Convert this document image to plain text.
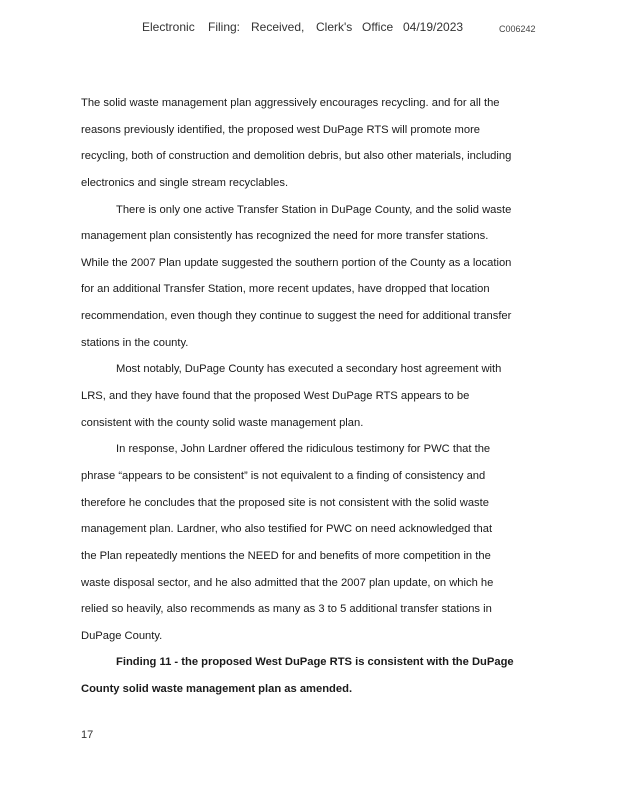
Electronic Filing: Received, Clerk's Office 04/19/2023	C006242
The solid waste management plan aggressively encourages recycling. and for all the
reasons previously identified, the proposed west DuPage RTS will promote more
recycling, both of construction and demolition debris, but also other materials, including
electronics and single stream recyclables.
There is only one active Transfer Station in DuPage County, and the solid waste
management plan consistently has recognized the need for more transfer stations.
While the 2007 Plan update suggested the southern portion of the County as a location
for an additional Transfer Station, more recent updates, have dropped that location
recommendation, even though they continue to suggest the need for additional transfer
stations in the county.
Most notably, DuPage County has executed a secondary host agreement with
LRS, and they have found that the proposed West DuPage RTS appears to be
consistent with the county solid waste management plan.
In response, John Lardner offered the ridiculous testimony for PWC that the
phrase “appears to be consistent” is not equivalent to a finding of consistency and
therefore he concludes that the proposed site is not consistent with the solid waste
management plan. Lardner, who also testified for PWC on need acknowledged that
the Plan repeatedly mentions the NEED for and benefits of more competition in the
waste disposal sector, and he also admitted that the 2007 plan update, on which he
relied so heavily, also recommends as many as 3 to 5 additional transfer stations in
DuPage County.
Finding 11 - the proposed West DuPage RTS is consistent with the DuPage
County solid waste management plan as amended.
17
